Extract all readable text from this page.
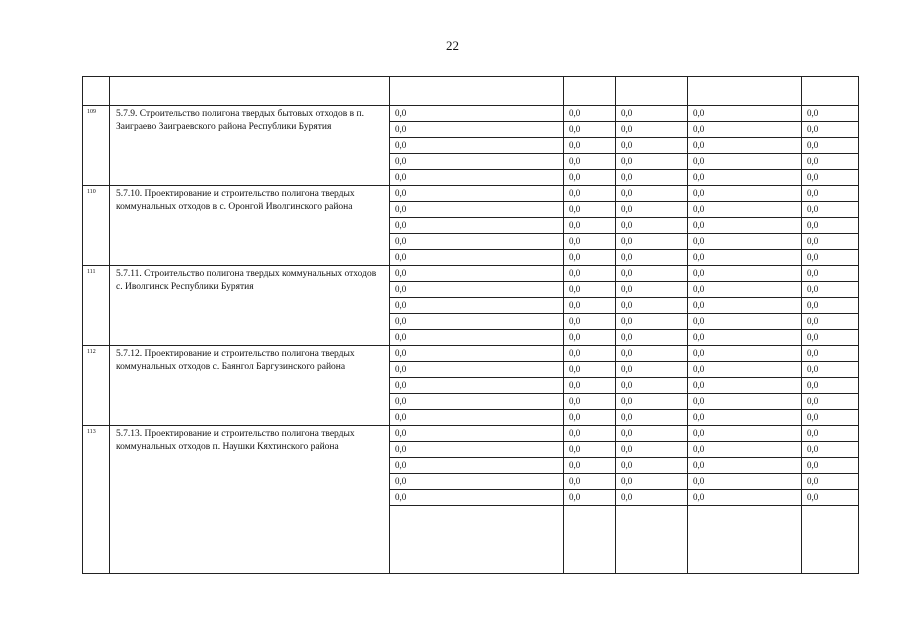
22

109	5.7.9. Строительство полигона твердых бытовых отходов в п. Заиграево Заиграевского района Республики Бурятия	0,0	0,0	0,0	0,0	0,0
		0,0	0,0	0,0	0,0	0,0
		0,0	0,0	0,0	0,0	0,0
		0,0	0,0	0,0	0,0	0,0
		0,0	0,0	0,0	0,0	0,0
110	5.7.10. Проектирование и строительство полигона твердых коммунальных отходов в с. Оронгой Иволгинского района	0,0	0,0	0,0	0,0	0,0
		0,0	0,0	0,0	0,0	0,0
		0,0	0,0	0,0	0,0	0,0
		0,0	0,0	0,0	0,0	0,0
		0,0	0,0	0,0	0,0	0,0
111	5.7.11. Строительство полигона твердых коммунальных отходов с. Иволгинск Республики Бурятия	0,0	0,0	0,0	0,0	0,0
		0,0	0,0	0,0	0,0	0,0
		0,0	0,0	0,0	0,0	0,0
		0,0	0,0	0,0	0,0	0,0
		0,0	0,0	0,0	0,0	0,0
112	5.7.12. Проектирование и строительство полигона твердых коммунальных отходов с. Баянгол Баргузинского района	0,0	0,0	0,0	0,0	0,0
		0,0	0,0	0,0	0,0	0,0
		0,0	0,0	0,0	0,0	0,0
		0,0	0,0	0,0	0,0	0,0
		0,0	0,0	0,0	0,0	0,0
113	5.7.13. Проектирование и строительство полигона твердых коммунальных отходов п. Наушки Кяхтинского района	0,0	0,0	0,0	0,0	0,0
		0,0	0,0	0,0	0,0	0,0
		0,0	0,0	0,0	0,0	0,0
		0,0	0,0	0,0	0,0	0,0
		0,0	0,0	0,0	0,0	0,0
